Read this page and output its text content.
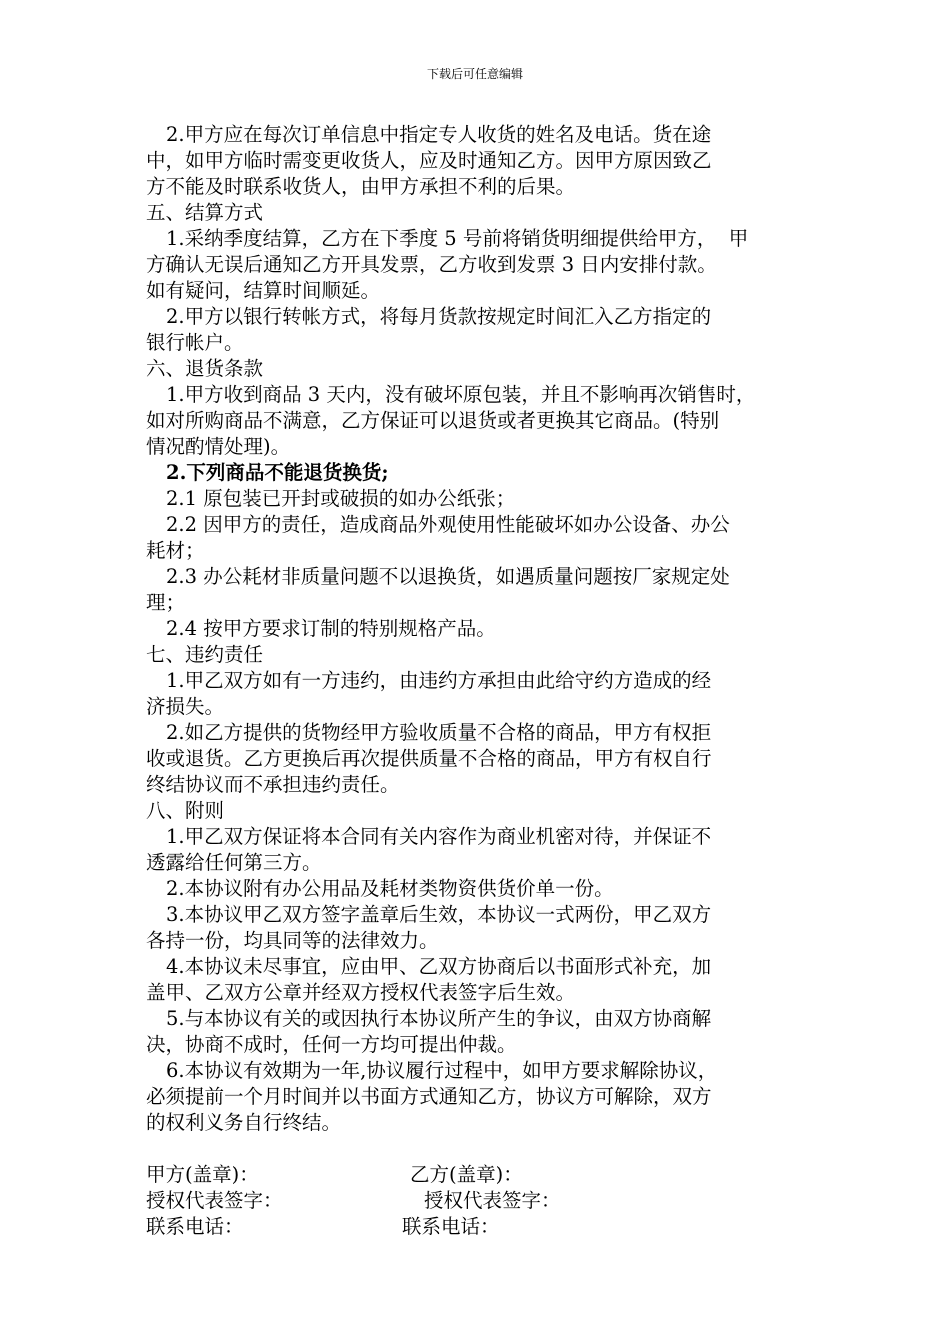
下载后可任意编辑

2.甲方应在每次订单信息中指定专人收货的姓名及电话。货在途

中，如甲方临时需变更收货人，应及时通知乙方。因甲方原因致乙

方不能及时联系收货人，由甲方承担不利的后果。

五、结算方式

1.采纳季度结算，乙方在下季度 5 号前将销货明细提供给甲方，  甲

方确认无误后通知乙方开具发票，乙方收到发票 3 日内安排付款。

如有疑问，结算时间顺延。

2.甲方以银行转帐方式，将每月货款按规定时间汇入乙方指定的

银行帐户。

六、退货条款

1.甲方收到商品 3 天内，没有破坏原包装，并且不影响再次销售时，

如对所购商品不满意，乙方保证可以退货或者更换其它商品。(特别

情况酌情处理)。

2.下列商品不能退货换货;

2.1 原包装已开封或破损的如办公纸张；

2.2 因甲方的责任，造成商品外观使用性能破坏如办公设备、办公

耗材；

2.3 办公耗材非质量问题不以退换货，如遇质量问题按厂家规定处

理；

2.4 按甲方要求订制的特别规格产品。

七、违约责任

1.甲乙双方如有一方违约，由违约方承担由此给守约方造成的经

济损失。

2.如乙方提供的货物经甲方验收质量不合格的商品，甲方有权拒

收或退货。乙方更换后再次提供质量不合格的商品，甲方有权自行

终结协议而不承担违约责任。

八、附则

1.甲乙双方保证将本合同有关内容作为商业机密对待，并保证不

透露给任何第三方。

2.本协议附有办公用品及耗材类物资供货价单一份。

3.本协议甲乙双方签字盖章后生效，本协议一式两份，甲乙双方

各持一份，均具同等的法律效力。

4.本协议未尽事宜，应由甲、乙双方协商后以书面形式补充，加

盖甲、乙双方公章并经双方授权代表签字后生效。

5.与本协议有关的或因执行本协议所产生的争议，由双方协商解

决，协商不成时，任何一方均可提出仲裁。

6.本协议有效期为一年,协议履行过程中，如甲方要求解除协议，

必须提前一个月时间并以书面方式通知乙方，协议方可解除，双方

的权利义务自行终结。

甲方(盖章)：	乙方(盖章)：
授权代表签字：	授权代表签字：
联系电话：	联系电话：
